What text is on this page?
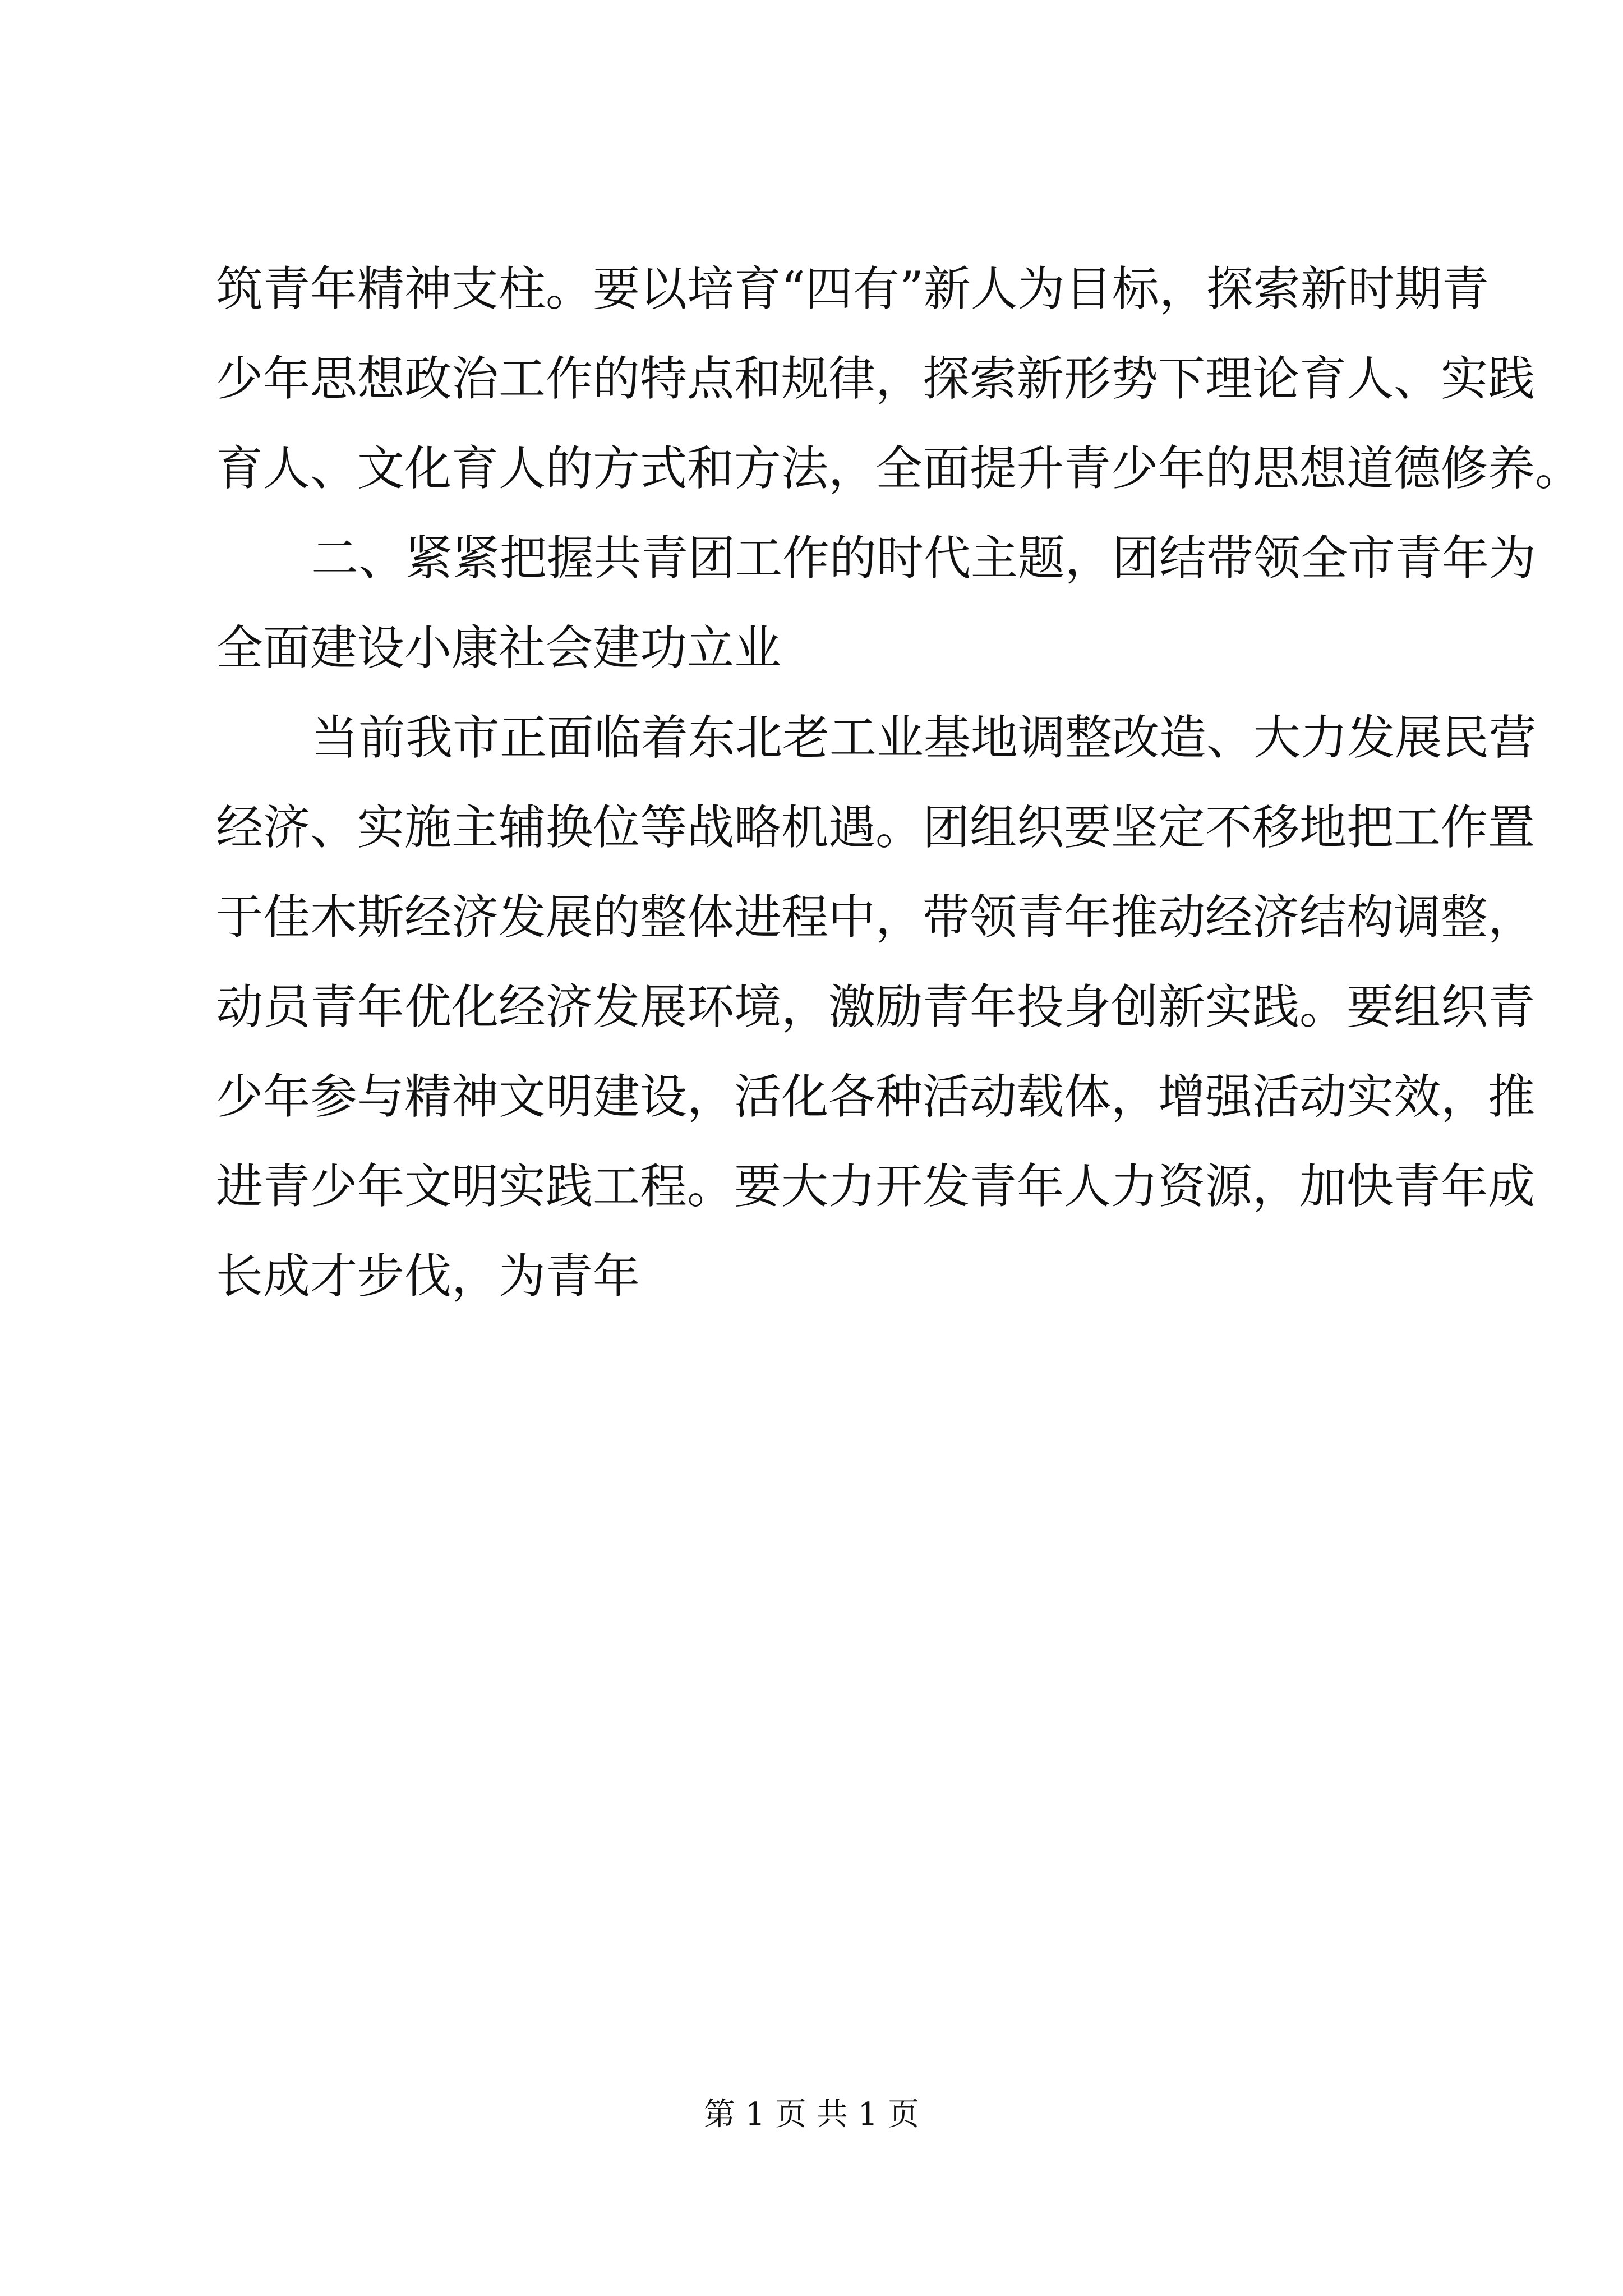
筑青年精神支柱。要以培育“四有”新人为目标，探索新时期青
少年思想政治工作的特点和规律，探索新形势下理论育人、实践
育人、文化育人的方式和方法，全面提升青少年的思想道德修养。
二、紧紧把握共青团工作的时代主题，团结带领全市青年为
全面建设小康社会建功立业
当前我市正面临着东北老工业基地调整改造、大力发展民营
经济、实施主辅换位等战略机遇。团组织要坚定不移地把工作置
于佳木斯经济发展的整体进程中，带领青年推动经济结构调整，
动员青年优化经济发展环境，激励青年投身创新实践。要组织青
少年参与精神文明建设，活化各种活动载体，增强活动实效，推
进青少年文明实践工程。要大力开发青年人力资源，加快青年成
长成才步伐，为青年
第 1 页 共 1 页
